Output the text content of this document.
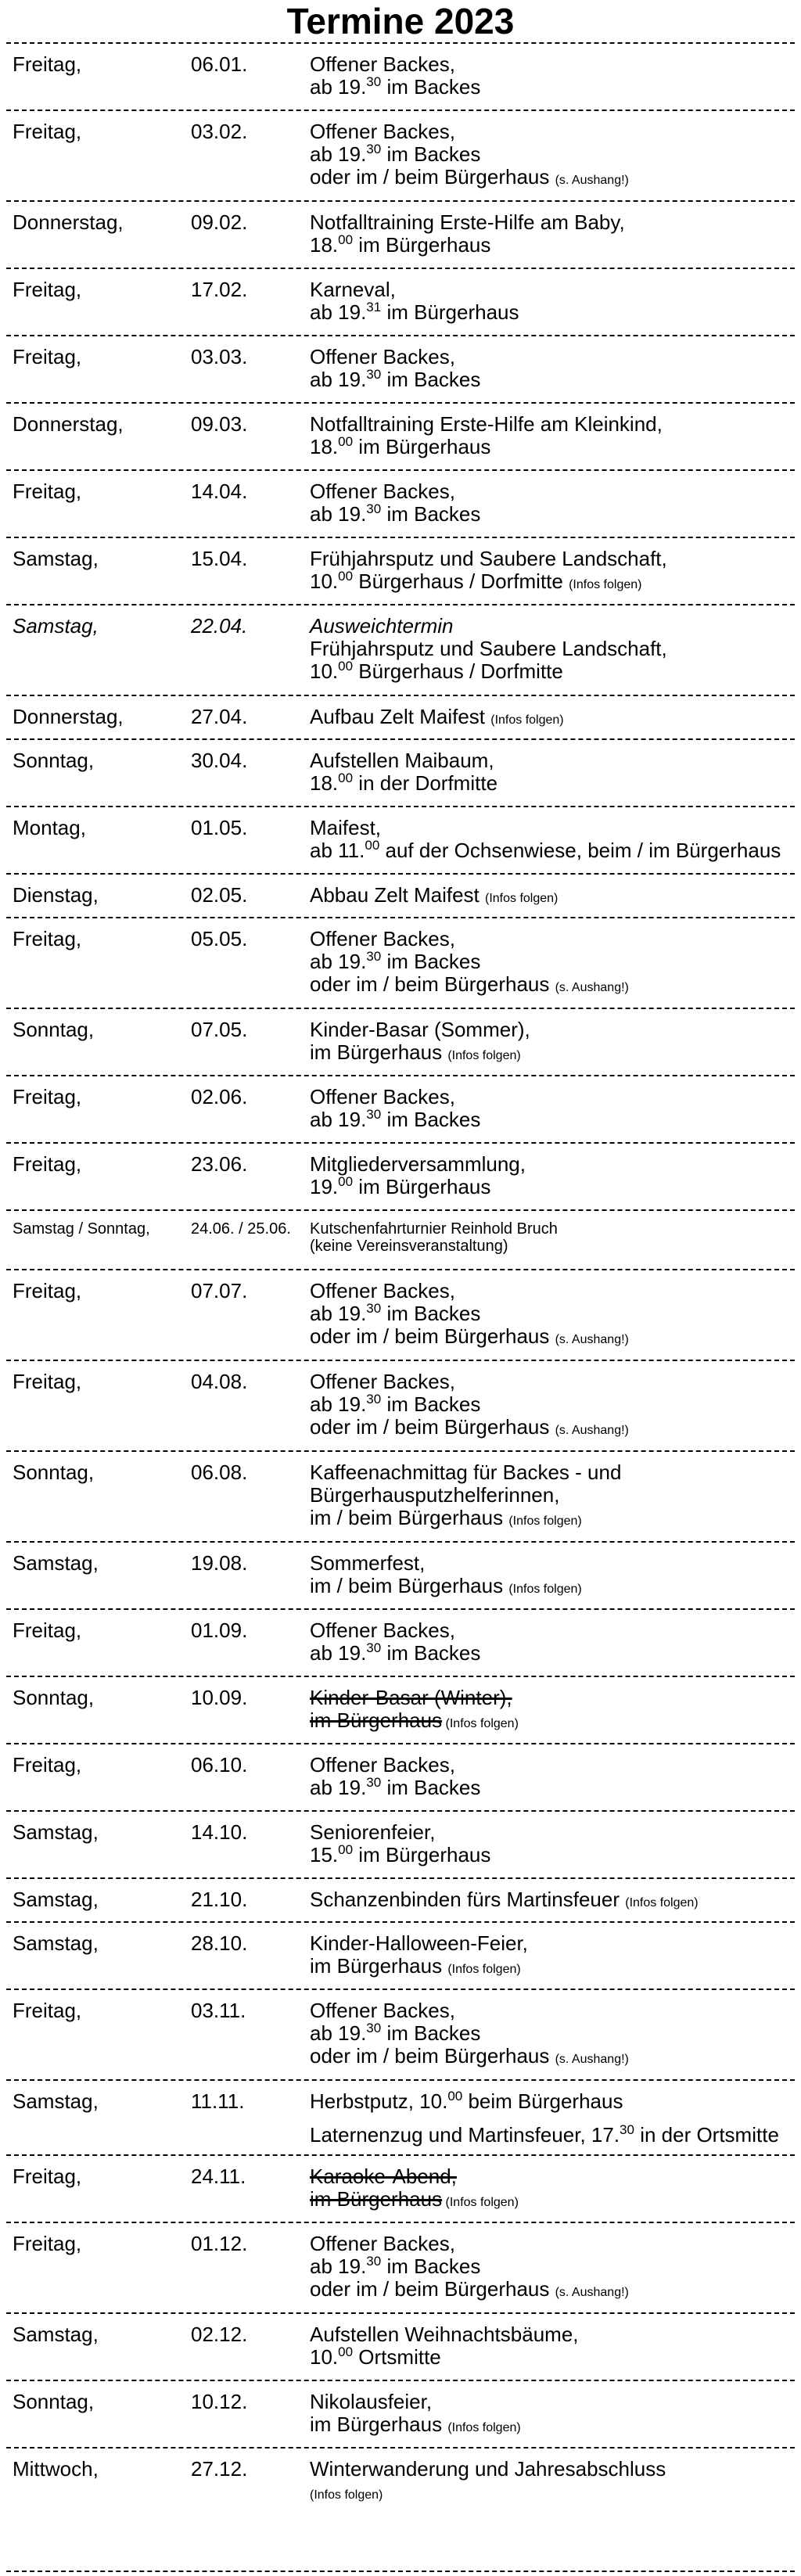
Termine 2023
Freitag,	06.01.	Offener Backes,
ab 19.30 im Backes
Freitag,	03.02.	Offener Backes,
ab 19.30 im Backes
oder im / beim Bürgerhaus (s. Aushang!)
Donnerstag,	09.02.	Notfalltraining Erste-Hilfe am Baby,
18.00 im Bürgerhaus
Freitag,	17.02.	Karneval,
ab 19.31 im Bürgerhaus
Freitag,	03.03.	Offener Backes,
ab 19.30 im Backes
Donnerstag,	09.03.	Notfalltraining Erste-Hilfe am Kleinkind,
18.00 im Bürgerhaus
Freitag,	14.04.	Offener Backes,
ab 19.30 im Backes
Samstag,	15.04.	Frühjahrsputz und Saubere Landschaft,
10.00 Bürgerhaus / Dorfmitte (Infos folgen)
Samstag,	22.04.	Ausweichtermin
Frühjahrsputz und Saubere Landschaft,
10.00 Bürgerhaus / Dorfmitte
Donnerstag,	27.04.	Aufbau Zelt Maifest (Infos folgen)
Sonntag,	30.04.	Aufstellen Maibaum,
18.00 in der Dorfmitte
Montag,	01.05.	Maifest,
ab 11.00 auf der Ochsenwiese, beim / im Bürgerhaus
Dienstag,	02.05.	Abbau Zelt Maifest (Infos folgen)
Freitag,	05.05.	Offener Backes,
ab 19.30 im Backes
oder im / beim Bürgerhaus (s. Aushang!)
Sonntag,	07.05.	Kinder-Basar (Sommer),
im Bürgerhaus (Infos folgen)
Freitag,	02.06.	Offener Backes,
ab 19.30 im Backes
Freitag,	23.06.	Mitgliederversammlung,
19.00 im Bürgerhaus
Samstag / Sonntag,	24.06. / 25.06. Kutschenfahrturnier Reinhold Bruch
(keine Vereinsveranstaltung)
Freitag,	07.07.	Offener Backes,
ab 19.30 im Backes
oder im / beim Bürgerhaus (s. Aushang!)
Freitag,	04.08.	Offener Backes,
ab 19.30 im Backes
oder im / beim Bürgerhaus (s. Aushang!)
Sonntag,	06.08.	Kaffeenachmittag für Backes - und
Bürgerhausputzhelferinnen,
im / beim Bürgerhaus (Infos folgen)
Samstag,	19.08.	Sommerfest,
im / beim Bürgerhaus (Infos folgen)
Freitag,	01.09.	Offener Backes,
ab 19.30 im Backes
Sonntag,	10.09.	Kinder-Basar (Winter),
im Bürgerhaus (Infos folgen)
Freitag,	06.10.	Offener Backes,
ab 19.30 im Backes
Samstag,	14.10.	Seniorenfeier,
15.00 im Bürgerhaus
Samstag,	21.10.	Schanzenbinden fürs Martinsfeuer (Infos folgen)
Samstag,	28.10.	Kinder-Halloween-Feier,
im Bürgerhaus (Infos folgen)
Freitag,	03.11.	Offener Backes,
ab 19.30 im Backes
oder im / beim Bürgerhaus (s. Aushang!)
Samstag,	11.11.	Herbstputz, 10.00 beim Bürgerhaus
Laternenzug und Martinsfeuer, 17.30 in der Ortsmitte
Freitag,	24.11.	Karaoke-Abend,
im Bürgerhaus (Infos folgen)
Freitag,	01.12.	Offener Backes,
ab 19.30 im Backes
oder im / beim Bürgerhaus (s. Aushang!)
Samstag,	02.12.	Aufstellen Weihnachtsbäume,
10.00 Ortsmitte
Sonntag,	10.12.	Nikolausfeier,
im Bürgerhaus (Infos folgen)
Mittwoch,	27.12.	Winterwanderung und Jahresabschluss
(Infos folgen)
